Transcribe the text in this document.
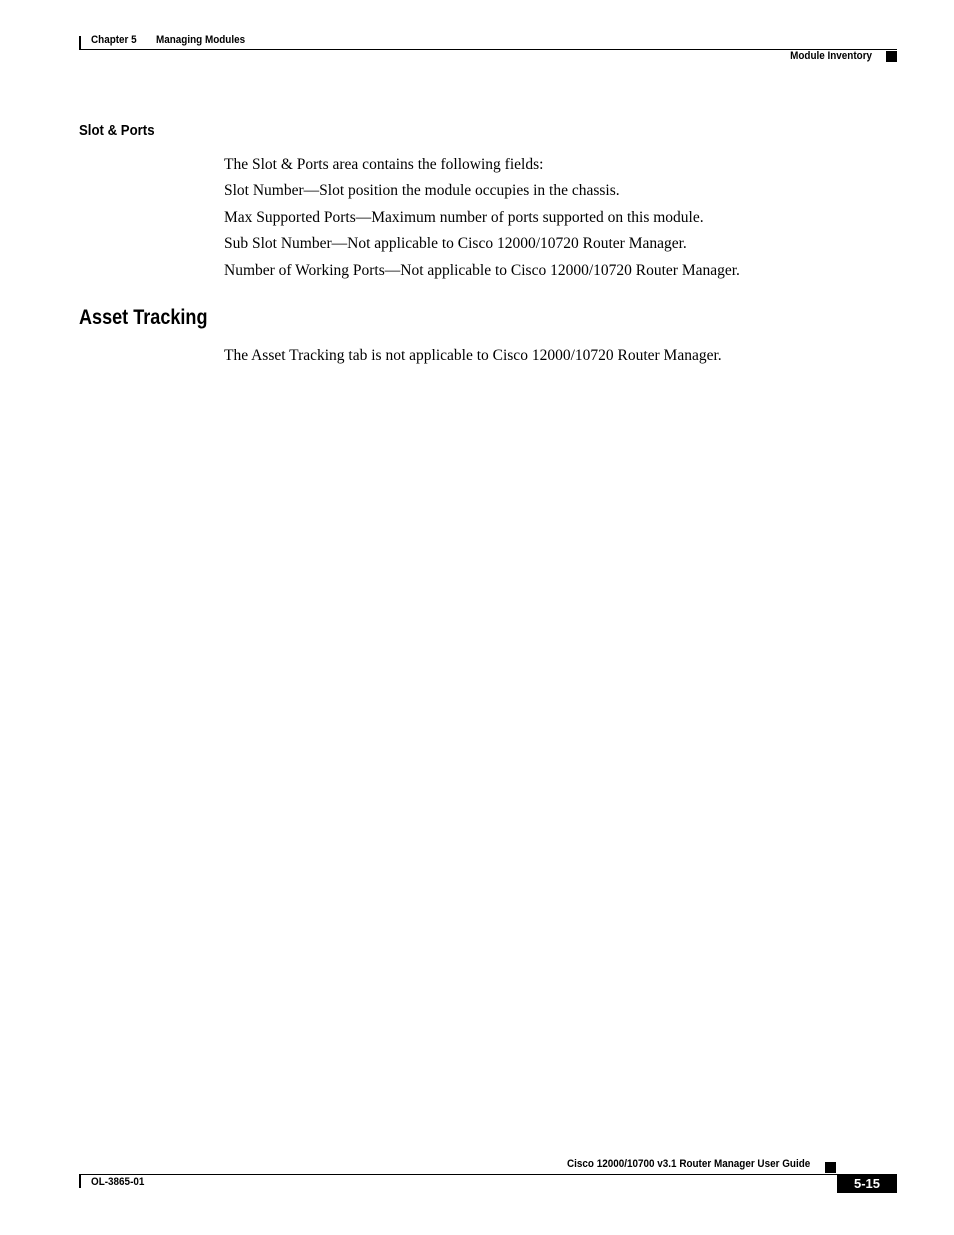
Chapter 5 Managing Modules
Module Inventory
Slot & Ports
The Slot & Ports area contains the following fields:
Slot Number—Slot position the module occupies in the chassis.
Max Supported Ports—Maximum number of ports supported on this module.
Sub Slot Number—Not applicable to Cisco 12000/10720 Router Manager.
Number of Working Ports—Not applicable to Cisco 12000/10720 Router Manager.
Asset Tracking
The Asset Tracking tab is not applicable to Cisco 12000/10720 Router Manager.
Cisco 12000/10700 v3.1 Router Manager User Guide
OL-3865-01	5-15
